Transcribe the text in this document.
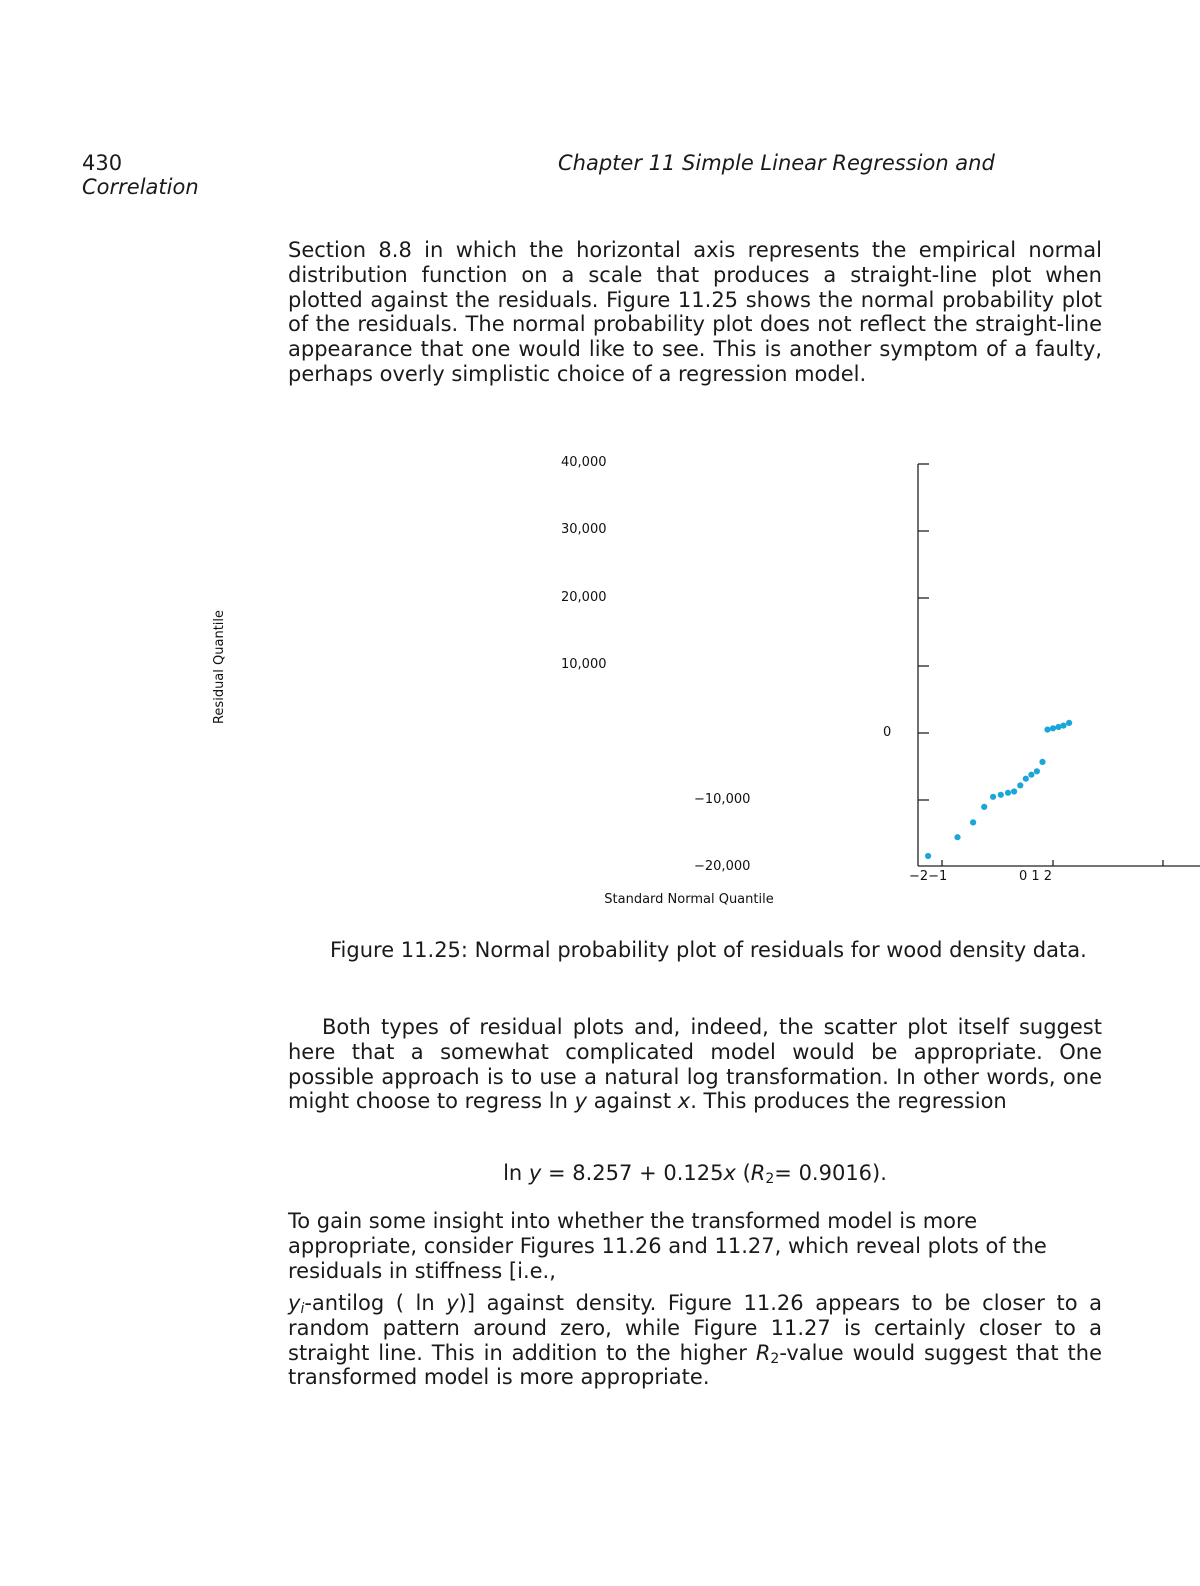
430	Chapter 11 Simple Linear Regression and
Correlation

Section 8.8 in which the horizontal axis represents the empirical normal distribution function on a scale that produces a straight-line plot when plotted against the residuals. Figure 11.25 shows the normal probability plot of the residuals. The normal probability plot does not reflect the straight-line appearance that one would like to see. This is another symptom of a faulty, perhaps overly simplistic choice of a regression model.

Residual Quantile
40,000
30,000
20,000
10,000
0
−10,000
−20,000
−2−1	0 1 2
Standard Normal Quantile
Figure 11.25: Normal probability plot of residuals for wood density data.

Both types of residual plots and, indeed, the scatter plot itself suggest here that a somewhat complicated model would be appropriate. One possible approach is to use a natural log transformation. In other words, one might choose to regress ln y against x. This produces the regression

ln y = 8.257 + 0.125x $(R_2= 0.9016)$.

To gain some insight into whether the transformed model is more appropriate, consider Figures 11.26 and 11.27, which reveal plots of the residuals in stiffness [i.e.,

$y_i$-antilog ( ln y)] against density. Figure 11.26 appears to be closer to a random pattern around zero, while Figure 11.27 is certainly closer to a straight line. This in addition to the higher $R_2$-value would suggest that the transformed model is more appropriate.
